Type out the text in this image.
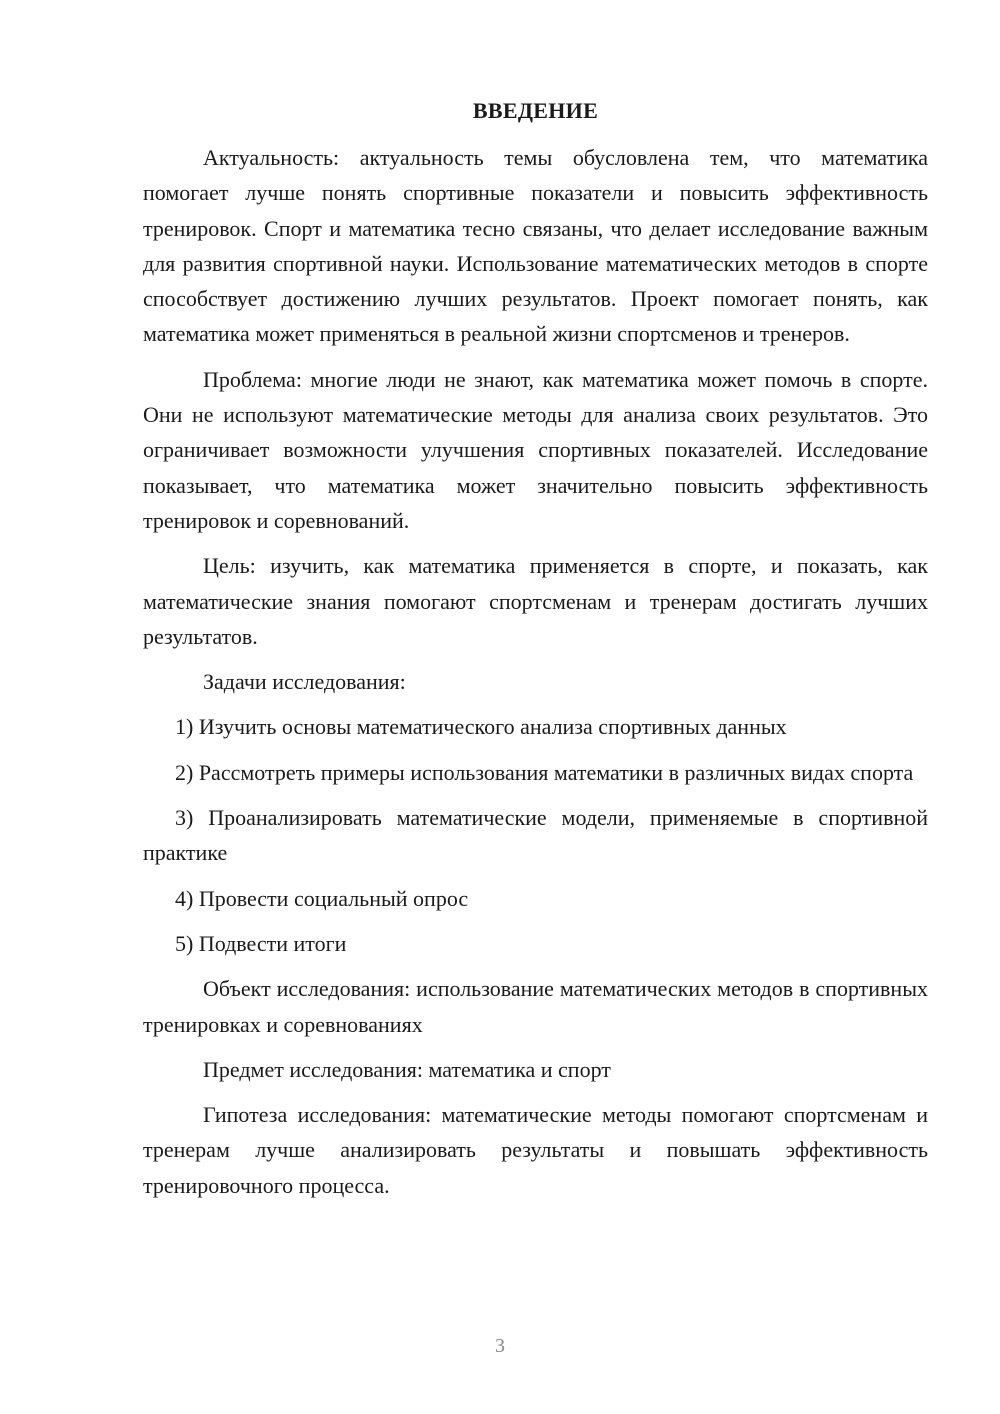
ВВЕДЕНИЕ

Актуальность: актуальность темы обусловлена тем, что математика помогает лучше понять спортивные показатели и повысить эффективность тренировок. Спорт и математика тесно связаны, что делает исследование важным для развития спортивной науки. Использование математических методов в спорте способствует достижению лучших результатов. Проект помогает понять, как математика может применяться в реальной жизни спортсменов и тренеров.

Проблема: многие люди не знают, как математика может помочь в спорте. Они не используют математические методы для анализа своих результатов. Это ограничивает возможности улучшения спортивных показателей. Исследование показывает, что математика может значительно повысить эффективность тренировок и соревнований.

Цель: изучить, как математика применяется в спорте, и показать, как математические знания помогают спортсменам и тренерам достигать лучших результатов.

Задачи исследования:

1) Изучить основы математического анализа спортивных данных

2) Рассмотреть примеры использования математики в различных видах спорта

3) Проанализировать математические модели, применяемые в спортивной практике

4) Провести социальный опрос

5) Подвести итоги

Объект исследования: использование математических методов в спортивных тренировках и соревнованиях

Предмет исследования: математика и спорт

Гипотеза исследования: математические методы помогают спортсменам и тренерам лучше анализировать результаты и повышать эффективность тренировочного процесса.

3
